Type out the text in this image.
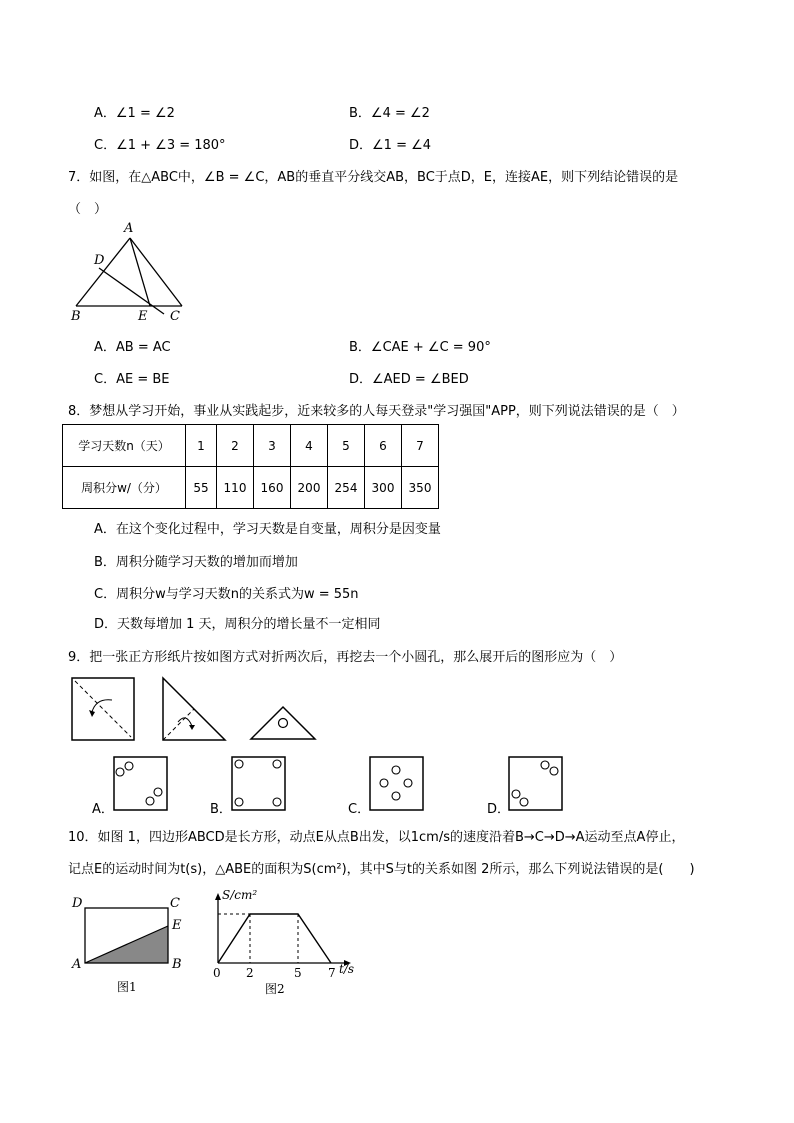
A．∠1 = ∠2	B．∠4 = ∠2
C．∠1 + ∠3 = 180°	D．∠1 = ∠4
7．如图，在△ABC中，∠B = ∠C，AB的垂直平分线交AB，BC于点D，E，连接AE，则下列结论错误的是
（　）
A
D
B	E C
A．AB = AC	B．∠CAE + ∠C = 90°
C．AE = BE	D．∠AED = ∠BED
8．梦想从学习开始，事业从实践起步，近来较多的人每天登录"学习强国"APP，则下列说法错误的是（　）
学习天数n（天）	1	2	3	4	5	6	7
周积分w/（分）	55	110	160	200	254	300	350
A．在这个变化过程中，学习天数是自变量，周积分是因变量
B．周积分随学习天数的增加而增加
C．周积分w与学习天数n的关系式为w = 55n
D．天数每增加 1 天，周积分的增长量不一定相同
9．把一张正方形纸片按如图方式对折两次后，再挖去一个小圆孔，那么展开后的图形应为（　）
A．	B．	C．	D．
10．如图 1，四边形ABCD是长方形，动点E从点B出发，以1cm/s的速度沿着B→C→D→A运动至点A停止，
记点E的运动时间为t(s)，△ABE的面积为S(cm²)，其中S与t的关系如图 2所示，那么下列说法错误的是(　　)
D	C
E
A	B
图1
S/cm²
0 2	5 7 t/s
图2
